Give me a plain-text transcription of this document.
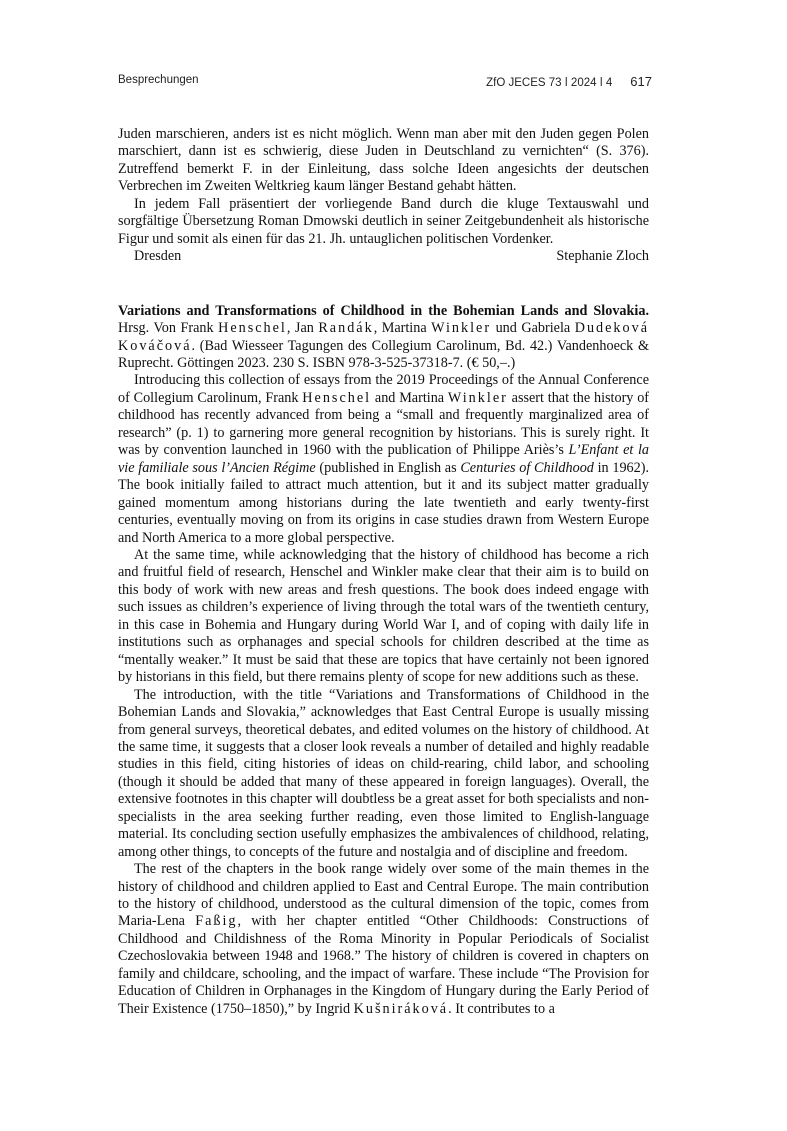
Besprechungen	ZfO JECES 73 ǀ 2024 ǀ 4 617

Juden marschieren, anders ist es nicht möglich. Wenn man aber mit den Juden gegen Polen marschiert, dann ist es schwierig, diese Juden in Deutschland zu vernichten“ (S. 376). Zutreffend bemerkt F. in der Einleitung, dass solche Ideen angesichts der deutschen Verbrechen im Zweiten Weltkrieg kaum länger Bestand gehabt hätten.

In jedem Fall präsentiert der vorliegende Band durch die kluge Textauswahl und sorgfältige Übersetzung Roman Dmowski deutlich in seiner Zeitgebundenheit als historische Figur und somit als einen für das 21. Jh. untauglichen politischen Vordenker.

Dresden	Stephanie Zloch

Variations and Transformations of Childhood in the Bohemian Lands and Slovakia. Hrsg. Von Frank Henschel, Jan Randák, Martina Winkler und Gabriela Dudeková Kováčová. (Bad Wiesseer Tagungen des Collegium Carolinum, Bd. 42.) Vandenhoeck & Ruprecht. Göttingen 2023. 230 S. ISBN 978-3-525-37318-7. (€ 50,–.)

Introducing this collection of essays from the 2019 Proceedings of the Annual Conference of Collegium Carolinum, Frank Henschel and Martina Winkler assert that the history of childhood has recently advanced from being a “small and frequently marginalized area of research” (p. 1) to garnering more general recognition by historians. This is surely right. It was by convention launched in 1960 with the publication of Philippe Ariès’s L’Enfant et la vie familiale sous l’Ancien Régime (published in English as Centuries of Childhood in 1962). The book initially failed to attract much attention, but it and its subject matter gradually gained momentum among historians during the late twentieth and early twenty-first centuries, eventually moving on from its origins in case studies drawn from Western Europe and North America to a more global perspective.

At the same time, while acknowledging that the history of childhood has become a rich and fruitful field of research, Henschel and Winkler make clear that their aim is to build on this body of work with new areas and fresh questions. The book does indeed engage with such issues as children’s experience of living through the total wars of the twentieth century, in this case in Bohemia and Hungary during World War I, and of coping with daily life in institutions such as orphanages and special schools for children described at the time as “mentally weaker.” It must be said that these are topics that have certainly not been ignored by historians in this field, but there remains plenty of scope for new additions such as these.

The introduction, with the title “Variations and Transformations of Childhood in the Bohemian Lands and Slovakia,” acknowledges that East Central Europe is usually missing from general surveys, theoretical debates, and edited volumes on the history of childhood. At the same time, it suggests that a closer look reveals a number of detailed and highly readable studies in this field, citing histories of ideas on child-rearing, child labor, and schooling (though it should be added that many of these appeared in foreign languages). Overall, the extensive footnotes in this chapter will doubtless be a great asset for both specialists and non-specialists in the area seeking further reading, even those limited to English-language material. Its concluding section usefully emphasizes the ambivalences of childhood, relating, among other things, to concepts of the future and nostalgia and of discipline and freedom.

The rest of the chapters in the book range widely over some of the main themes in the history of childhood and children applied to East and Central Europe. The main contribution to the history of childhood, understood as the cultural dimension of the topic, comes from Maria-Lena Faßig, with her chapter entitled “Other Childhoods: Constructions of Childhood and Childishness of the Roma Minority in Popular Periodicals of Socialist Czechoslovakia between 1948 and 1968.” The history of children is covered in chapters on family and childcare, schooling, and the impact of warfare. These include “The Provision for Education of Children in Orphanages in the Kingdom of Hungary during the Early Period of Their Existence (1750–1850),” by Ingrid Kušniráková. It contributes to a
